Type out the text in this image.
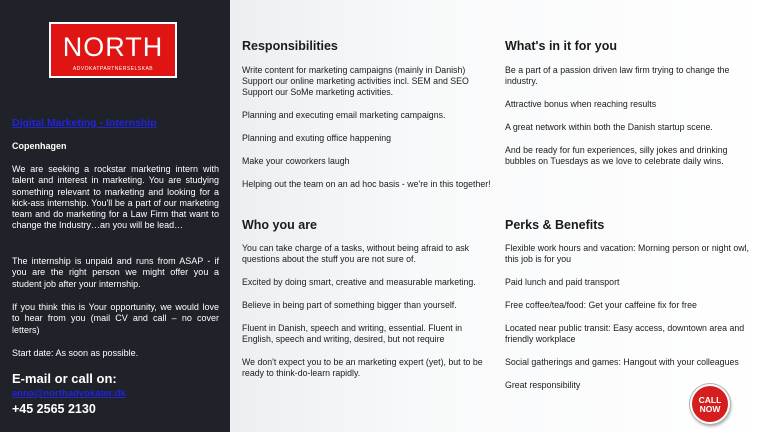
NORTH
ADVOKATPARTNERSELSKAB
Digital Marketing - Internship
Copenhagen

We are seeking a rockstar marketing intern with talent and interest in marketing. You are studying something relevant to marketing and looking for a kick-ass internship. You'll be a part of our marketing team and do marketing for a Law Firm that want to change the Industry…an you will be lead…

The internship is unpaid and runs from ASAP - if you are the right person we might offer you a student job after your internship.

If you think this is Your opportunity, we would love to hear from you (mail CV and call – no cover letters)

Start date: As soon as possible.

E-mail or call on:
anna@northadvokater.dk
+45 2565 2130
Responsibilities

Write content for marketing campaigns (mainly in Danish) Support our online marketing activities incl. SEM and SEO Support our SoMe marketing activities.

Planning and executing email marketing campaigns.

Planning and exuting office happening

Make your coworkers laugh

Helping out the team on an ad hoc basis - we're in this together!

What's in it for you

Be a part of a passion driven law firm trying to change the industry.

Attractive bonus when reaching results

A great network within both the Danish startup scene.

And be ready for fun experiences, silly jokes and drinking bubbles on Tuesdays as we love to celebrate daily wins.

Who you are

You can take charge of a tasks, without being afraid to ask questions about the stuff you are not sure of.

Excited by doing smart, creative and measurable marketing.

Believe in being part of something bigger than yourself.

Fluent in Danish, speech and writing, essential. Fluent in English, speech and writing, desired, but not require

We don't expect you to be an marketing expert (yet), but to be ready to think-do-learn rapidly.

Perks & Benefits

Flexible work hours and vacation: Morning person or night owl, this job is for you

Paid lunch and paid transport

Free coffee/tea/food: Get your caffeine fix for free

Located near public transit: Easy access, downtown area and friendly workplace

Social gatherings and games: Hangout with your colleagues

Great responsibility

CALL
NOW
